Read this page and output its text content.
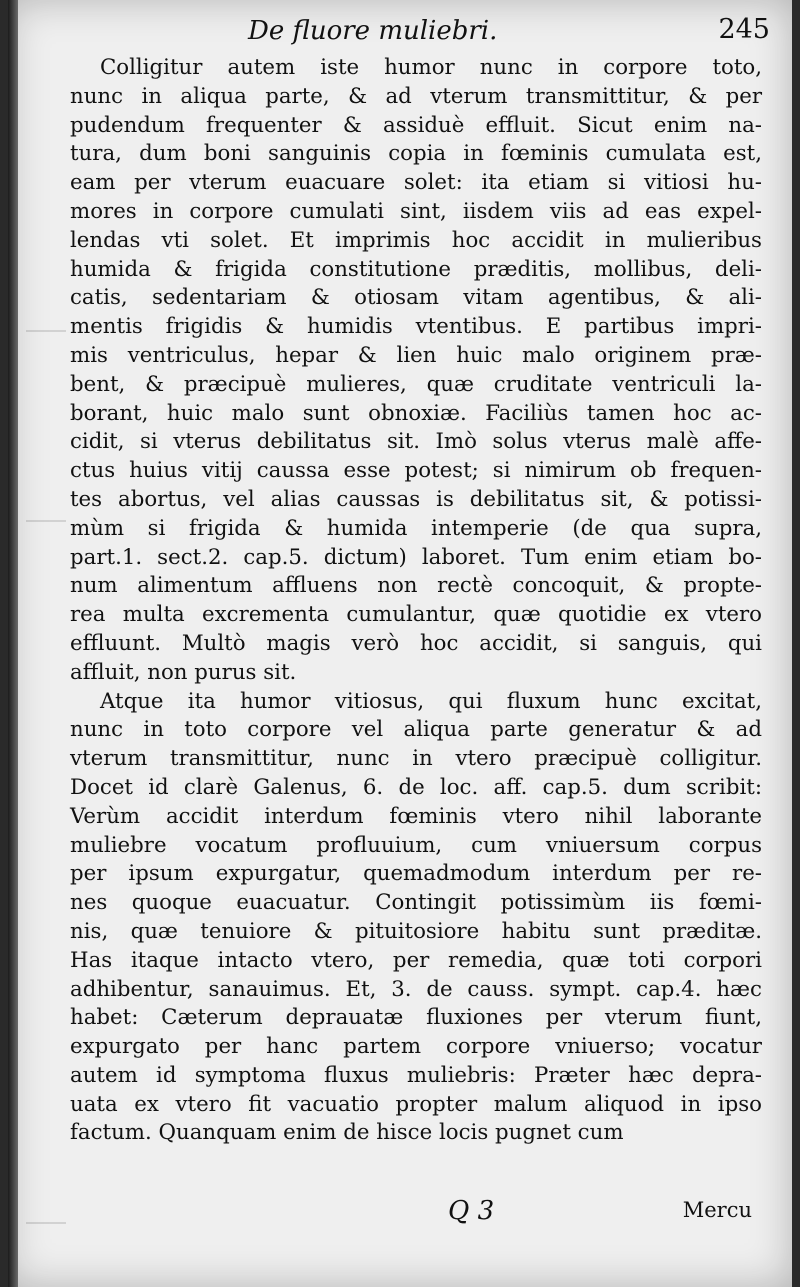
De fluore muliebri.	245
Colligitur autem iste humor nunc in corpore toto,
nunc in aliqua parte, & ad vterum transmittitur, & per
pudendum frequenter & assiduè effluit. Sicut enim na-
tura, dum boni sanguinis copia in fœminis cumulata est,
eam per vterum euacuare solet: ita etiam si vitiosi hu-
mores in corpore cumulati sint, iisdem viis ad eas expel-
lendas vti solet. Et imprimis hoc accidit in mulieribus
humida & frigida constitutione præditis, mollibus, deli-
catis, sedentariam & otiosam vitam agentibus, & ali-
mentis frigidis & humidis vtentibus. E partibus impri-
mis ventriculus, hepar & lien huic malo originem præ-
bent, & præcipuè mulieres, quæ cruditate ventriculi la-
borant, huic malo sunt obnoxiæ. Faciliùs tamen hoc ac-
cidit, si vterus debilitatus sit. Imò solus vterus malè affe-
ctus huius vitij caussa esse potest; si nimirum ob frequen-
tes abortus, vel alias caussas is debilitatus sit, & potissi-
mùm si frigida & humida intemperie (de qua supra,
part.1. sect.2. cap.5. dictum) laboret. Tum enim etiam bo-
num alimentum affluens non rectè concoquit, & propte-
rea multa excrementa cumulantur, quæ quotidie ex vtero
effluunt. Multò magis verò hoc accidit, si sanguis, qui
affluit, non purus sit.
Atque ita humor vitiosus, qui fluxum hunc excitat,
nunc in toto corpore vel aliqua parte generatur & ad
vterum transmittitur, nunc in vtero præcipuè colligitur.
Docet id clarè Galenus, 6. de loc. aff. cap.5. dum scribit:
Verùm accidit interdum fœminis vtero nihil laborante
muliebre vocatum profluuium, cum vniuersum corpus
per ipsum expurgatur, quemadmodum interdum per re-
nes quoque euacuatur. Contingit potissimùm iis fœmi-
nis, quæ tenuiore & pituitosiore habitu sunt præditæ.
Has itaque intacto vtero, per remedia, quæ toti corpori
adhibentur, sanauimus. Et, 3. de causs. sympt. cap.4. hæc
habet: Cæterum deprauatæ fluxiones per vterum fiunt,
expurgato per hanc partem corpore vniuerso; vocatur
autem id symptoma fluxus muliebris: Præter hæc depra-
uata ex vtero fit vacuatio propter malum aliquod in ipso
factum. Quanquam enim de hisce locis pugnet cum
Q 3	Mercu
